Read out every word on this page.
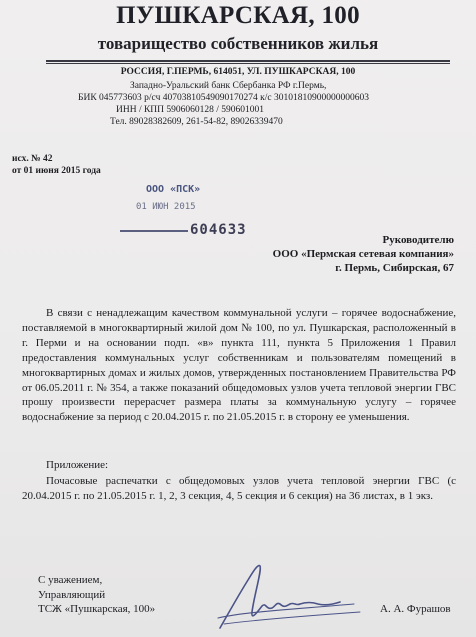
ПУШКАРСКАЯ, 100
товарищество собственников жилья
РОССИЯ, Г.ПЕРМЬ, 614051, УЛ. ПУШКАРСКАЯ, 100
Западно-Уральский банк Сбербанка РФ г.Пермь,
БИК 045773603 р/сч 40703810549090170274 к/с 30101810900000000603
ИНН / КПП 5906060128 / 590601001
Тел. 89028382609, 261-54-82, 89026339470
исх. № 42
от 01 июня 2015 года
ООО «ПСК»
01 ИЮН 2015
604633
Руководителю
ООО «Пермская сетевая компания»
г. Пермь, Сибирская, 67

В связи с ненадлежащим качеством коммунальной услуги – горячее водоснабжение, поставляемой в многоквартирный жилой дом № 100, по ул. Пушкарская, расположенный в г. Перми и на основании подп. «в» пункта 111, пункта 5 Приложения 1 Правил предоставления коммунальных услуг собственникам и пользователям помещений в многоквартирных домах и жилых домов, утвержденных постановлением Правительства РФ от 06.05.2011 г. № 354, а также показаний общедомовых узлов учета тепловой энергии ГВС прошу произвести перерасчет размера платы за коммунальную услугу – горячее водоснабжение за период с 20.04.2015 г. по 21.05.2015 г. в сторону ее уменьшения.

Приложение:
Почасовые распечатки с общедомовых узлов учета тепловой энергии ГВС (с 20.04.2015 г. по 21.05.2015 г. 1, 2, 3 секция, 4, 5 секция и 6 секция) на 36 листах, в 1 экз.
С уважением,
Управляющий
ТСЖ «Пушкарская, 100»	А. А. Фурашов
